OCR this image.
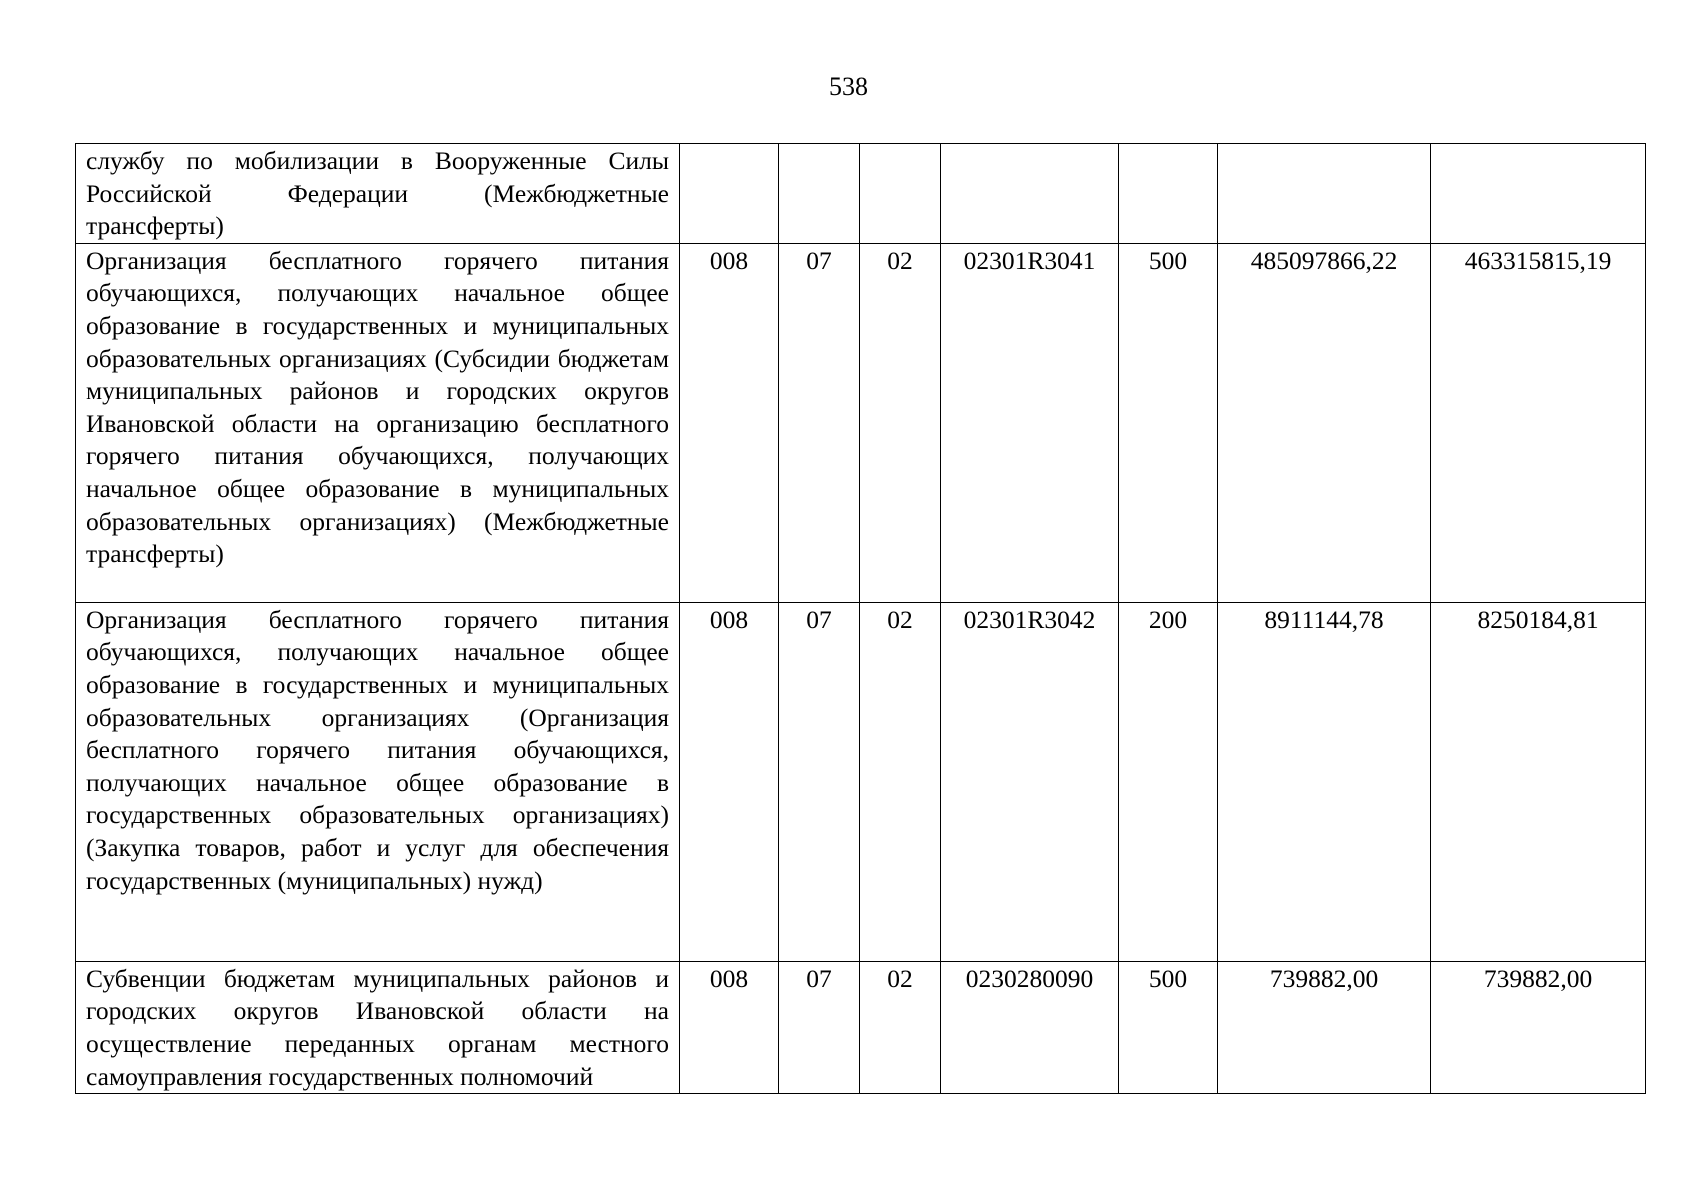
538
службу по мобилизации в Вооруженные Силы Российской Федерации (Межбюджетные трансферты)							
Организация бесплатного горячего питания обучающихся, получающих начальное общее образование в государственных и муниципальных образовательных организациях (Субсидии бюджетам муниципальных районов и городских округов Ивановской области на организацию бесплатного горячего питания обучающихся, получающих начальное общее образование в муниципальных образовательных организациях) (Межбюджетные трансферты)	008	07	02	02301R3041	500	485097866,22	463315815,19
Организация бесплатного горячего питания обучающихся, получающих начальное общее образование в государственных и муниципальных образовательных организациях (Организация бесплатного горячего питания обучающихся, получающих начальное общее образование в государственных образовательных организациях) (Закупка товаров, работ и услуг для обеспечения государственных (муниципальных) нужд)	008	07	02	02301R3042	200	8911144,78	8250184,81
Субвенции бюджетам муниципальных районов и городских округов Ивановской области на осуществление переданных органам местного самоуправления государственных полномочий	008	07	02	0230280090	500	739882,00	739882,00
